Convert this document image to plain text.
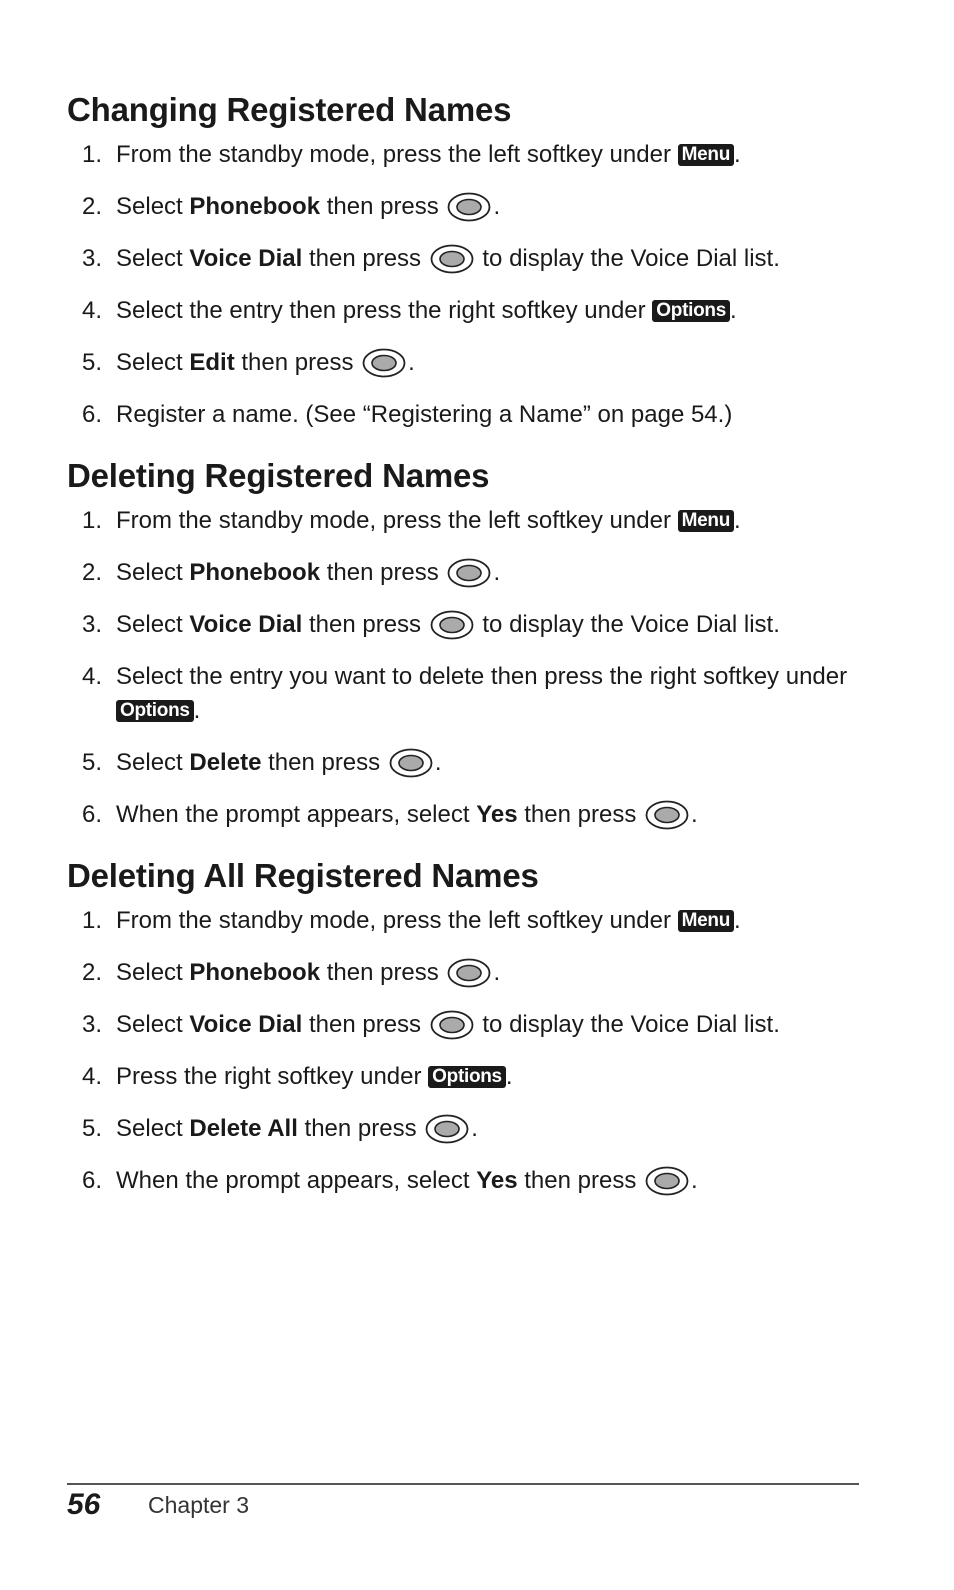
Changing Registered Names
1. From the standby mode, press the left softkey under Menu .
2. Select Phonebook then press .
3. Select Voice Dial then press  to display the Voice Dial list.
4. Select the entry then press the right softkey under Options .
5. Select Edit then press .
6. Register a name. (See “Registering a Name” on page 54.)
Deleting Registered Names
1. From the standby mode, press the left softkey under Menu .
2. Select Phonebook then press .
3. Select Voice Dial then press  to display the Voice Dial list.
4. Select the entry you want to delete then press the right softkey under Options .
5. Select Delete then press .
6. When the prompt appears, select Yes then press .
Deleting All Registered Names
1. From the standby mode, press the left softkey under Menu .
2. Select Phonebook then press .
3. Select Voice Dial then press  to display the Voice Dial list.
4. Press the right softkey under Options .
5. Select Delete All then press .
6. When the prompt appears, select Yes then press .
56 Chapter 3
